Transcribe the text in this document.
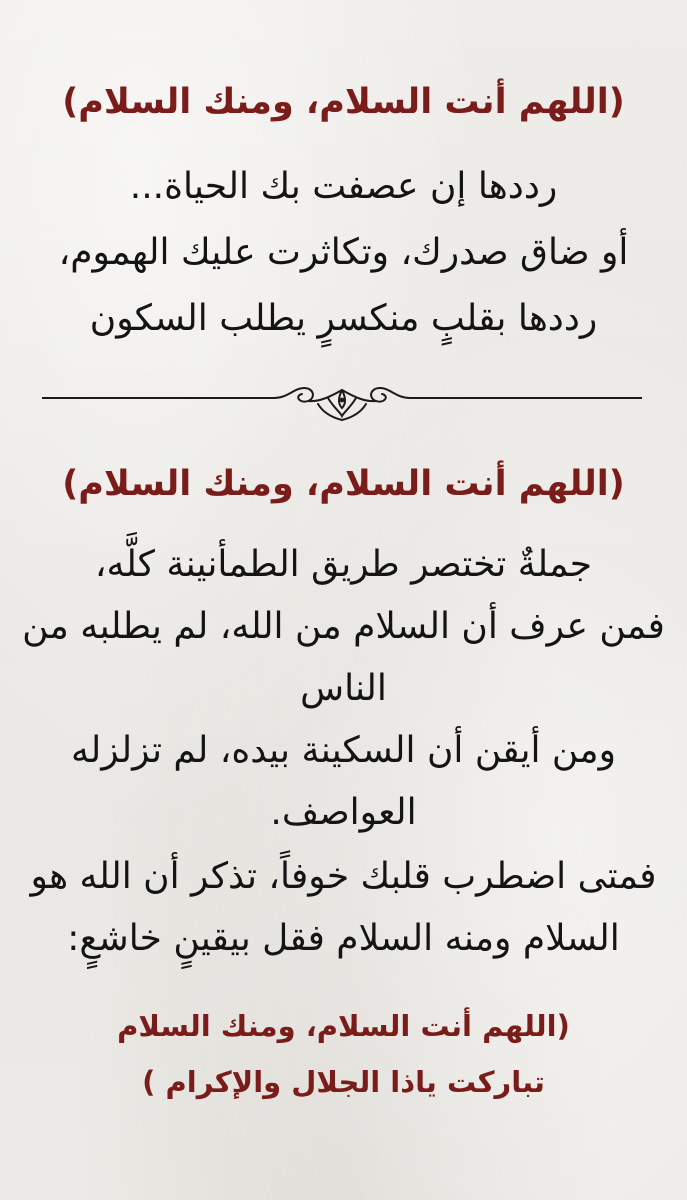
(اللهم أنت السلام، ومنك السلام)
رددها إن عصفت بك الحياة...
أو ضاق صدرك، وتكاثرت عليك الهموم،
رددها بقلبٍ منكسرٍ يطلب السكون
(اللهم أنت السلام، ومنك السلام)
جملةٌ تختصر طريق الطمأنينة كلَّه،
فمن عرف أن السلام من الله، لم يطلبه من
الناس
ومن أيقن أن السكينة بيده، لم تزلزله
العواصف.
فمتى اضطرب قلبك خوفاً، تذكر أن الله هو
السلام ومنه السلام فقل بيقينٍ خاشعٍ:
(اللهم أنت السلام، ومنك السلام
تباركت ياذا الجلال والإكرام )
